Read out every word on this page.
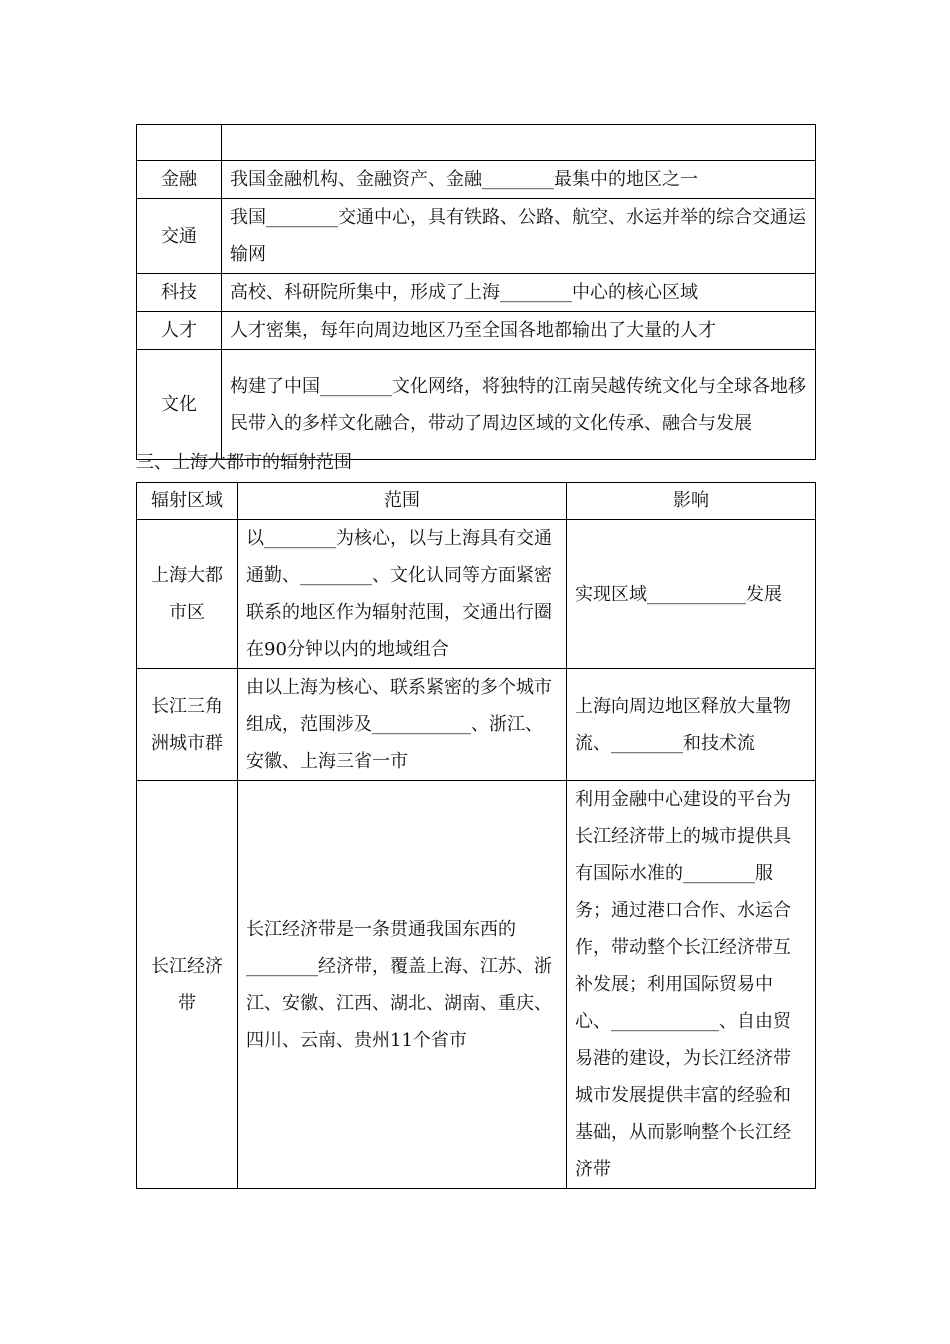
金融	我国金融机构、金融资产、金融________最集中的地区之一
交通	我国________交通中心，具有铁路、公路、航空、水运并举的综合交通运输网
科技	高校、科研院所集中，形成了上海________中心的核心区域
人才	人才密集，每年向周边地区乃至全国各地都输出了大量的人才
文化	构建了中国________文化网络，将独特的江南吴越传统文化与全球各地移民带入的多样文化融合，带动了周边区域的文化传承、融合与发展
三、上海大都市的辐射范围
辐射区域	范围	影响
上海大都市区	以________为核心，以与上海具有交通通勤、________、文化认同等方面紧密联系的地区作为辐射范围，交通出行圈在90分钟以内的地域组合	实现区域___________发展
长江三角洲城市群	由以上海为核心、联系紧密的多个城市组成，范围涉及___________、浙江、安徽、上海三省一市	上海向周边地区释放大量物流、________和技术流
长江经济带	长江经济带是一条贯通我国东西的________经济带，覆盖上海、江苏、浙江、安徽、江西、湖北、湖南、重庆、四川、云南、贵州11个省市	利用金融中心建设的平台为长江经济带上的城市提供具有国际水准的________服务；通过港口合作、水运合作，带动整个长江经济带互补发展；利用国际贸易中心、____________、自由贸易港的建设，为长江经济带城市发展提供丰富的经验和基础，从而影响整个长江经济带
